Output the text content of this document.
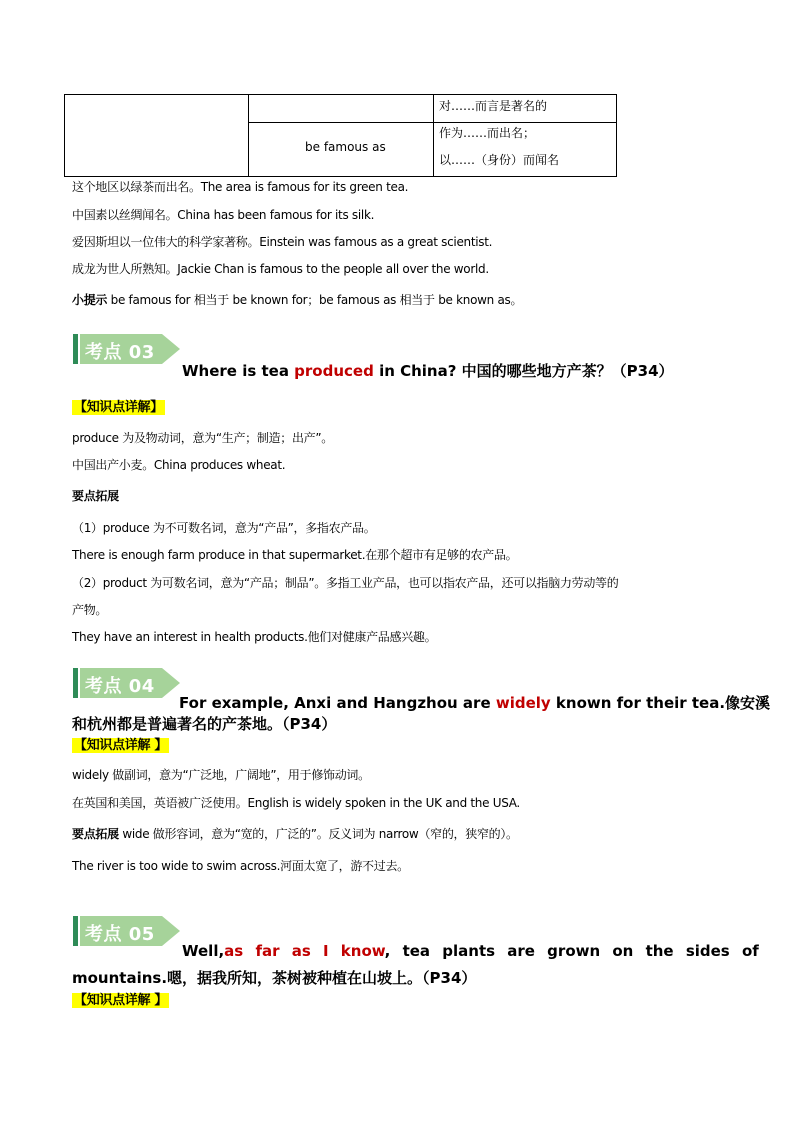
对……而言是著名的
be famous as
作为……而出名；
以……（身份）而闻名
这个地区以绿茶而出名。The area is famous for its green tea.
中国素以丝绸闻名。China has been famous for its silk.
爱因斯坦以一位伟大的科学家著称。Einstein was famous as a great scientist.
成龙为世人所熟知。Jackie Chan is famous to the people all over the world.
小提示 be famous for 相当于 be known for；be famous as 相当于 be known as。
考点 03
Where is tea produced in China? 中国的哪些地方产茶？（P34）
【知识点详解】
produce 为及物动词，意为“生产；制造；出产”。
中国出产小麦。China produces wheat.
要点拓展
（1）produce 为不可数名词，意为“产品”，多指农产品。
There is enough farm produce in that supermarket.在那个超市有足够的农产品。
（2）product 为可数名词，意为“产品；制品”。多指工业产品，也可以指农产品，还可以指脑力劳动等的
产物。
They have an interest in health products.他们对健康产品感兴趣。
考点 04
For example, Anxi and Hangzhou are widely known for their tea.像安溪
和杭州都是普遍著名的产茶地。（P34）
【知识点详解 】
widely 做副词，意为“广泛地，广阔地”，用于修饰动词。
在英国和美国，英语被广泛使用。English is widely spoken in the UK and the USA.
要点拓展 wide 做形容词，意为“宽的，广泛的”。反义词为 narrow（窄的，狭窄的）。
The river is too wide to swim across.河面太宽了，游不过去。
考点 05
Well,as far as I know, tea plants are grown on the sides of
mountains.嗯，据我所知，茶树被种植在山坡上。（P34）
【知识点详解 】
